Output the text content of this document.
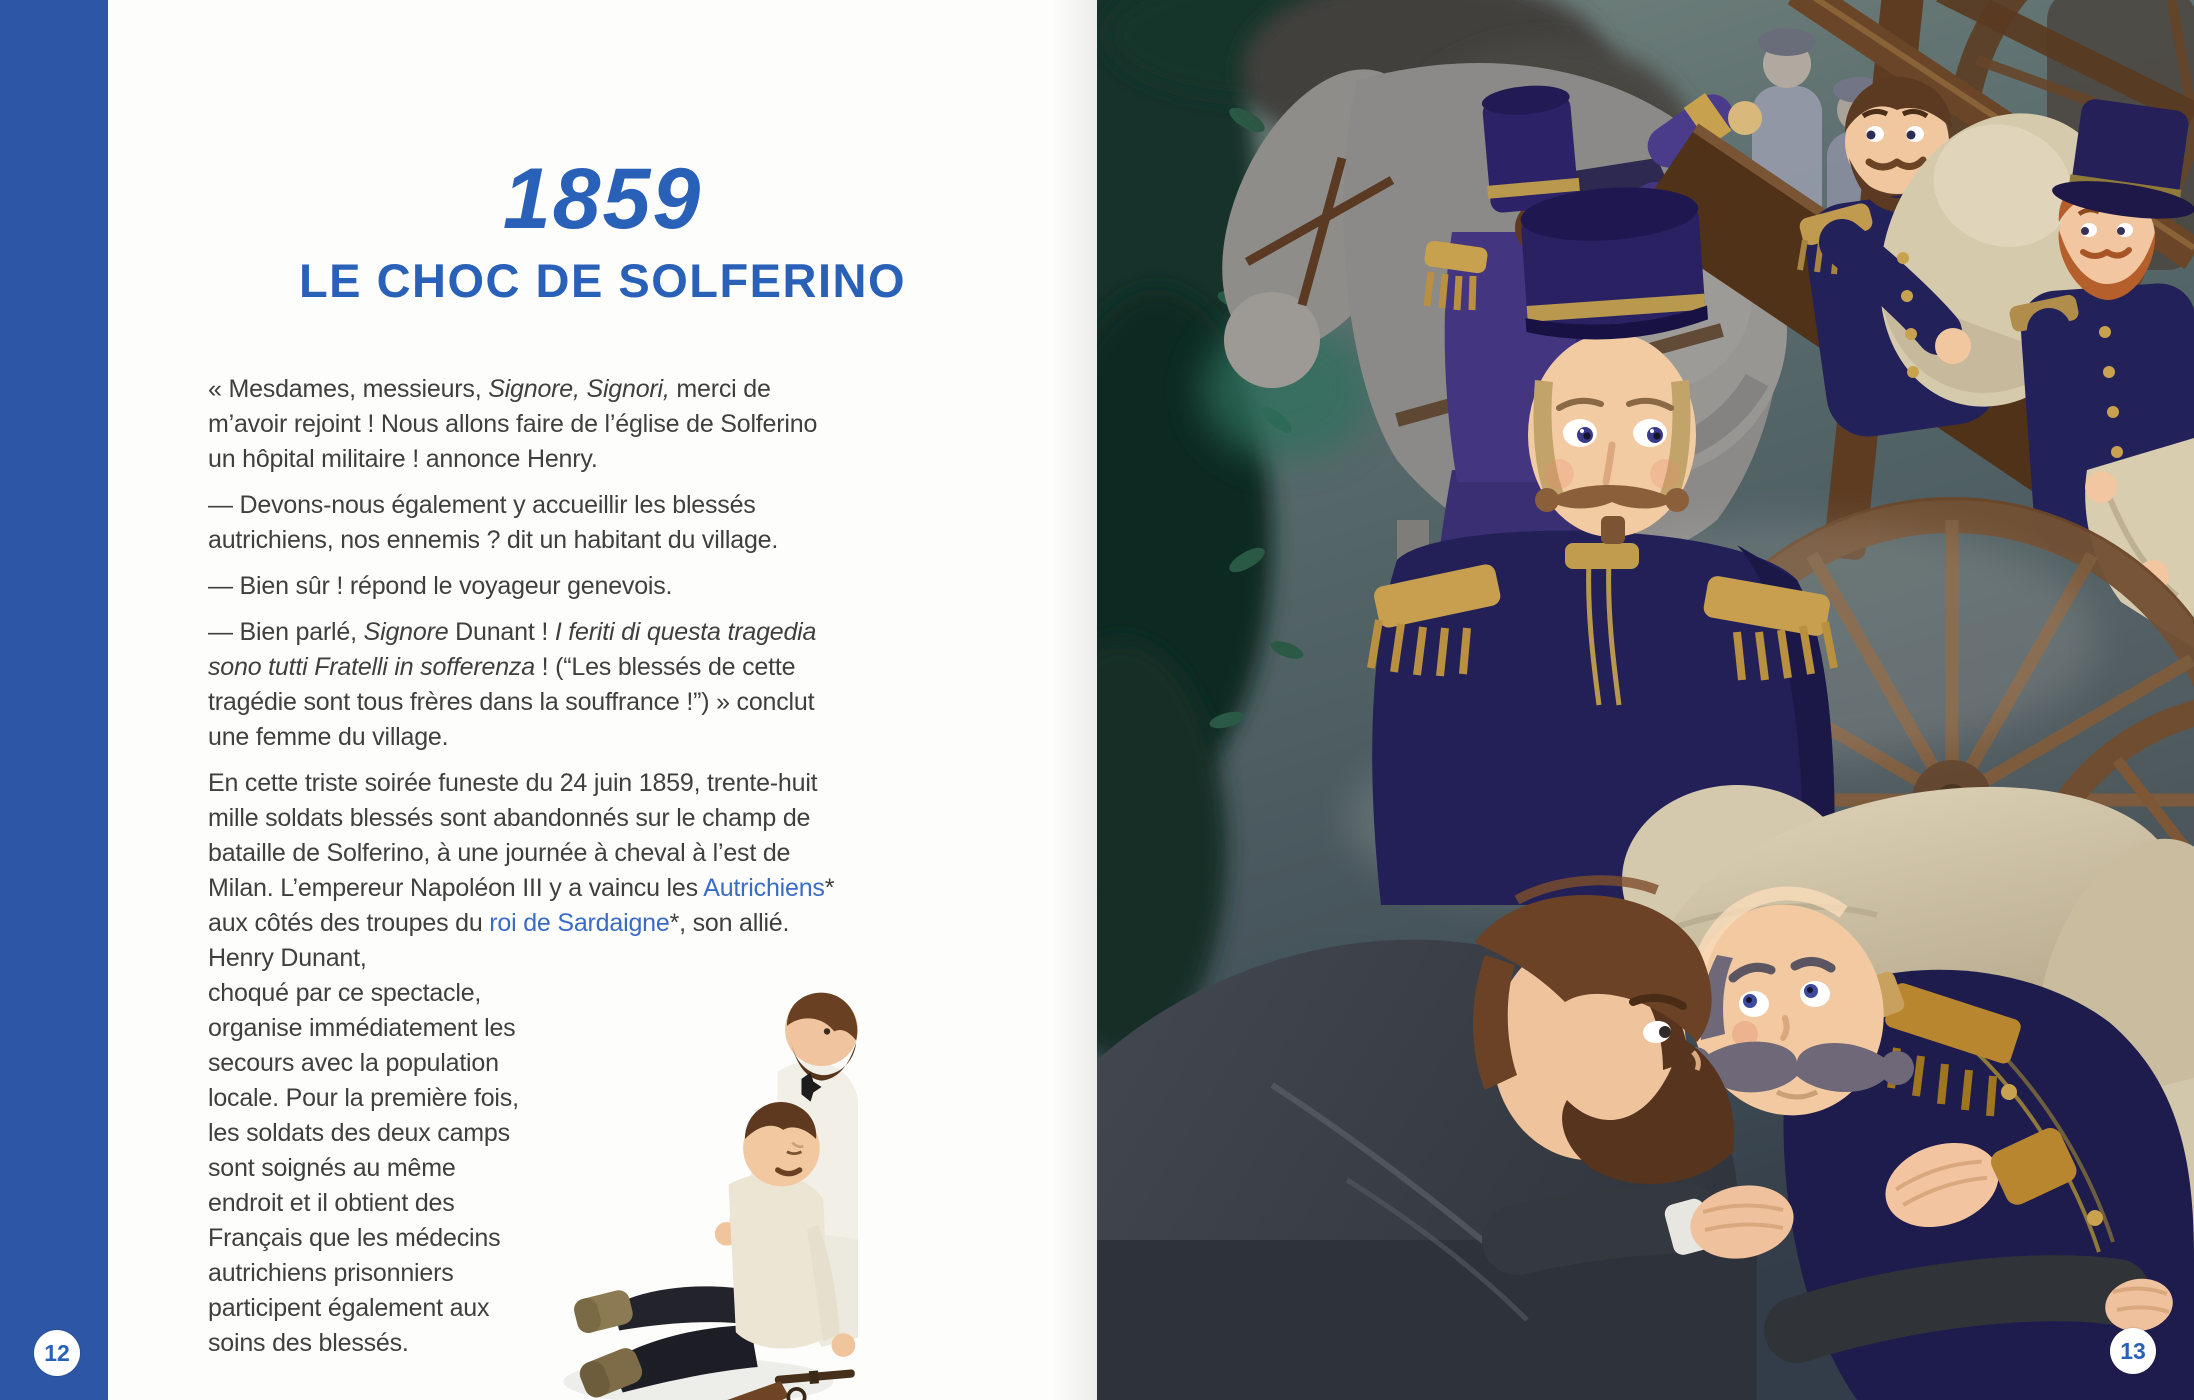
1859
LE CHOC DE SOLFERINO

« Mesdames, messieurs, Signore, Signori, merci de m’avoir rejoint ! Nous allons faire de l’église de Solferino un hôpital militaire ! annonce Henry.

— Devons-nous également y accueillir les blessés autrichiens, nos ennemis ? dit un habitant du village.

— Bien sûr ! répond le voyageur genevois.

— Bien parlé, Signore Dunant ! I feriti di questa tragedia sono tutti Fratelli in sofferenza ! (“Les blessés de cette tragédie sont tous frères dans la souffrance !”) » conclut une femme du village.

En cette triste soirée funeste du 24 juin 1859, trente-huit mille soldats blessés sont abandonnés sur le champ de bataille de Solferino, à une journée à cheval à l’est de Milan. L’empereur Napoléon III y a vaincu les Autrichiens* aux côtés des troupes du roi de Sardaigne*, son allié. Henry Dunant,

choqué par ce spectacle, organise immédiatement les secours avec la population locale. Pour la première fois, les soldats des deux camps sont soignés au même endroit et il obtient des Français que les médecins autrichiens prisonniers participent également aux soins des blessés.	13
12
